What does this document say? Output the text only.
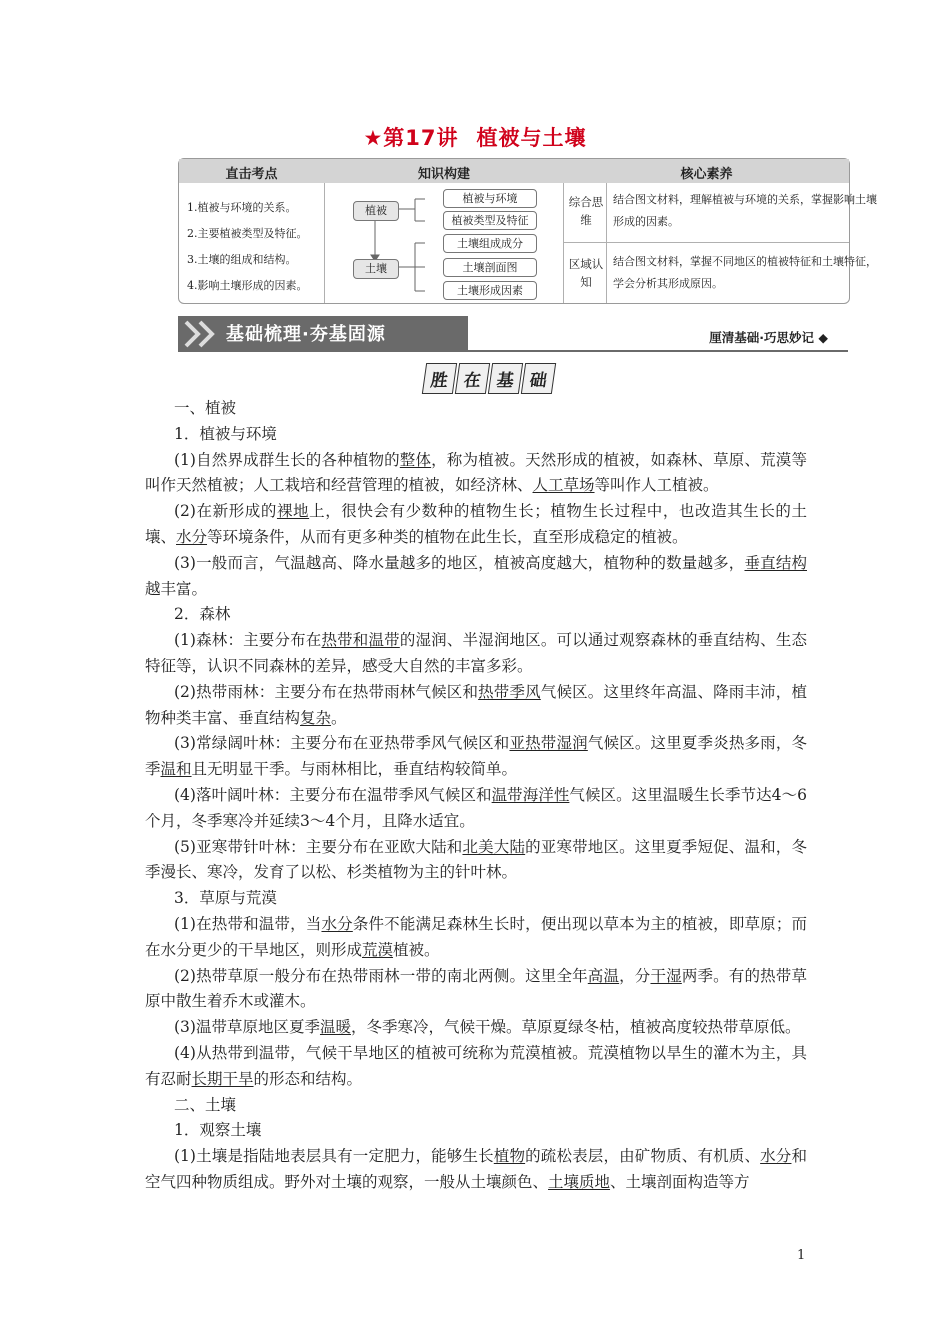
★第17讲 植被与土壤
直击考点	知识构建	核心素养
1.植被与环境的关系。
2.主要植被类型及特征。
3.土壤的组成和结构。
4.影响土壤形成的因素。
植被
植被与环境
植被类型及特征
土壤
土壤组成成分
土壤剖面图
土壤形成因素
综合思维
结合图文材料，理解植被与环境的关系，掌握影响土壤形成的因素。
区域认知
结合图文材料，掌握不同地区的植被特征和土壤特征，学会分析其形成原因。
基础梳理·夯基固源	厘清基础·巧思妙记 ◆
胜 在 基 础

一、植被

1．植被与环境

(1)自然界成群生长的各种植物的整体，称为植被。天然形成的植被，如森林、草原、荒漠等叫作天然植被；人工栽培和经营管理的植被，如经济林、人工草场等叫作人工植被。

(2)在新形成的裸地上，很快会有少数种的植物生长；植物生长过程中，也改造其生长的土壤、水分等环境条件，从而有更多种类的植物在此生长，直至形成稳定的植被。

(3)一般而言，气温越高、降水量越多的地区，植被高度越大，植物种的数量越多，垂直结构越丰富。

2．森林

(1)森林：主要分布在热带和温带的湿润、半湿润地区。可以通过观察森林的垂直结构、生态特征等，认识不同森林的差异，感受大自然的丰富多彩。

(2)热带雨林：主要分布在热带雨林气候区和热带季风气候区。这里终年高温、降雨丰沛，植物种类丰富、垂直结构复杂。

(3)常绿阔叶林：主要分布在亚热带季风气候区和亚热带湿润气候区。这里夏季炎热多雨，冬季温和且无明显干季。与雨林相比，垂直结构较简单。

(4)落叶阔叶林：主要分布在温带季风气候区和温带海洋性气候区。这里温暖生长季节达4～6个月，冬季寒冷并延续3～4个月，且降水适宜。

(5)亚寒带针叶林：主要分布在亚欧大陆和北美大陆的亚寒带地区。这里夏季短促、温和，冬季漫长、寒冷，发育了以松、杉类植物为主的针叶林。

3．草原与荒漠

(1)在热带和温带，当水分条件不能满足森林生长时，便出现以草本为主的植被，即草原；而在水分更少的干旱地区，则形成荒漠植被。

(2)热带草原一般分布在热带雨林一带的南北两侧。这里全年高温，分干湿两季。有的热带草原中散生着乔木或灌木。

(3)温带草原地区夏季温暖，冬季寒冷，气候干燥。草原夏绿冬枯，植被高度较热带草原低。

(4)从热带到温带，气候干旱地区的植被可统称为荒漠植被。荒漠植物以旱生的灌木为主，具有忍耐长期干旱的形态和结构。

二、土壤

1．观察土壤

(1)土壤是指陆地表层具有一定肥力，能够生长植物的疏松表层，由矿物质、有机质、水分和空气四种物质组成。野外对土壤的观察，一般从土壤颜色、土壤质地、土壤剖面构造等方

1
